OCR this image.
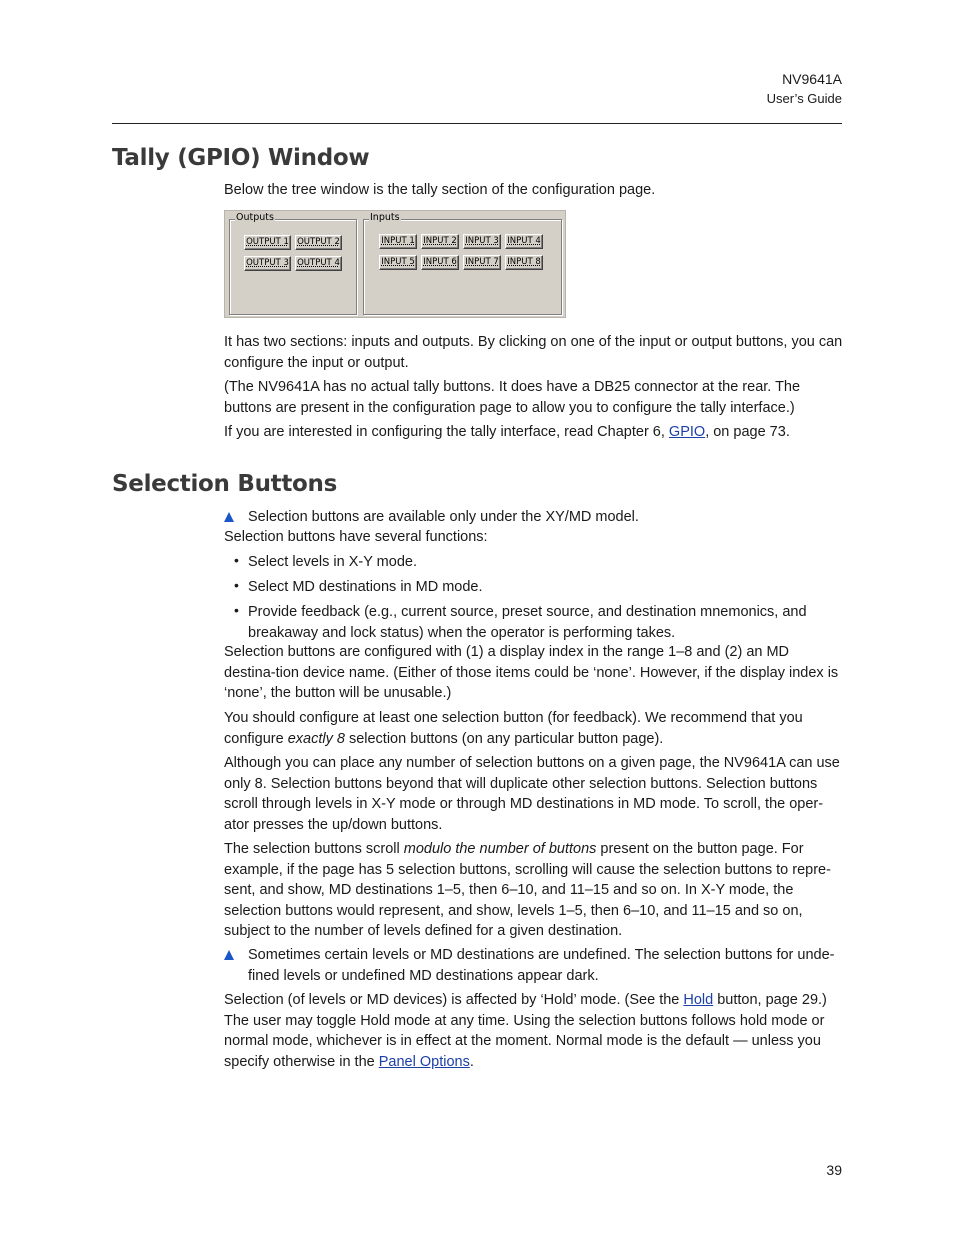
NV9641A
User’s Guide
Tally (GPIO) Window

Below the tree window is the tally section of the configuration page.

Outputs
OUTPUT 1 OUTPUT 2
OUTPUT 3 OUTPUT 4
Inputs
INPUT 1 INPUT 2 INPUT 3 INPUT 4
INPUT 5 INPUT 6 INPUT 7 INPUT 8

It has two sections: inputs and outputs. By clicking on one of the input or output buttons, you can configure the input or output.

(The NV9641A has no actual tally buttons. It does have a DB25 connector at the rear. The buttons are present in the configuration page to allow you to configure the tally interface.)

If you are interested in configuring the tally interface, read Chapter 6, GPIO, on page 73.

Selection Buttons

Selection buttons are available only under the XY/MD model.

Selection buttons have several functions:

• Select levels in X-Y mode.

• Select MD destinations in MD mode.

• Provide feedback (e.g., current source, preset source, and destination mnemonics, and breakaway and lock status) when the operator is performing takes.

Selection buttons are configured with (1) a display index in the range 1–8 and (2) an MD destina-tion device name. (Either of those items could be ‘none’. However, if the display index is ‘none’, the button will be unusable.)

You should configure at least one selection button (for feedback). We recommend that you configure exactly 8 selection buttons (on any particular button page).

Although you can place any number of selection buttons on a given page, the NV9641A can use only 8. Selection buttons beyond that will duplicate other selection buttons. Selection buttons scroll through levels in X-Y mode or through MD destinations in MD mode. To scroll, the oper-ator presses the up/down buttons.

The selection buttons scroll modulo the number of buttons present on the button page. For example, if the page has 5 selection buttons, scrolling will cause the selection buttons to repre-sent, and show, MD destinations 1–5, then 6–10, and 11–15 and so on. In X-Y mode, the selection buttons would represent, and show, levels 1–5, then 6–10, and 11–15 and so on, subject to the number of levels defined for a given destination.

Sometimes certain levels or MD destinations are undefined. The selection buttons for unde-fined levels or undefined MD destinations appear dark.

Selection (of levels or MD devices) is affected by ‘Hold’ mode. (See the Hold button, page 29.) The user may toggle Hold mode at any time. Using the selection buttons follows hold mode or normal mode, whichever is in effect at the moment. Normal mode is the default — unless you specify otherwise in the Panel Options.

39
